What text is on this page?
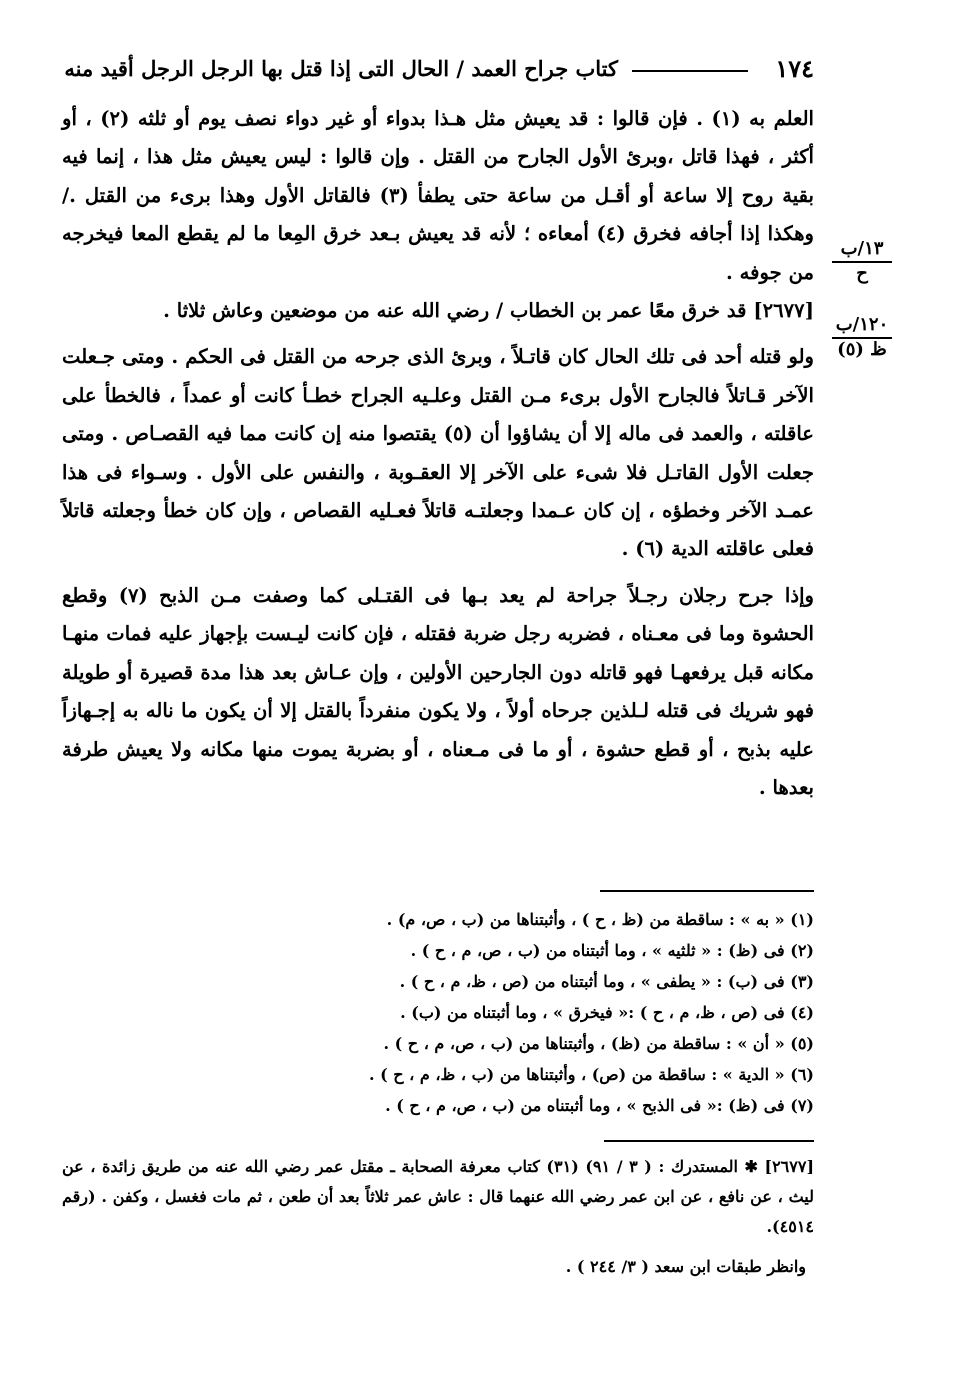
١٧٤
كتاب جراح العمد / الحال التى إذا قتل بها الرجل الرجل أقيد منه
١٣/ب
ح
١٢٠/ب
ظ (٥)

العلم به (١) . فإن قالوا : قد يعيش مثل هـذا بدواء أو غير دواء نصف يوم أو ثلثه (٢) ، أو أكثر ، فهذا قاتل ،وبرئ الأول الجارح من القتل . وإن قالوا : ليس يعيش مثل هذا ، إنما فيه بقية روح إلا ساعة أو أقـل من ساعة حتى يطفأ (٣) فالقاتل الأول وهذا برىء من القتل ./ وهكذا إذا أجافه فخرق (٤) أمعاءه ؛ لأنه قد يعيش بـعد خرق المِعا ما لم يقطع المعا فيخرجه من جوفه .

[٢٦٧٧] قد خرق معًا عمر بن الخطاب / رضي الله عنه من موضعين وعاش ثلاثا .

ولو قتله أحد فى تلك الحال كان قاتـلاً ، وبرئ الذى جرحه من القتل فى الحكم . ومتى جـعلت الآخر قـاتلاً فالجارح الأول برىء مـن القتل وعلـيه الجراح خطـأ كانت أو عمداً ، فالخطأ على عاقلته ، والعمد فى ماله إلا أن يشاؤوا أن (٥) يقتصوا منه إن كانت مما فيه القصـاص . ومتى جعلت الأول القاتـل فلا شىء على الآخر إلا العقـوبة ، والنفس على الأول . وسـواء فى هذا عمـد الآخر وخطؤه ، إن كان عـمدا وجعلتـه قاتلاً فعـليه القصاص ، وإن كان خطأ وجعلته قاتلاً فعلى عاقلته الدية (٦) .

وإذا جرح رجلان رجـلاً جراحة لم يعد بـها فى القتـلى كما وصفت مـن الذبح (٧) وقطع الحشوة وما فى معـناه ، فضربه رجل ضربة فقتله ، فإن كانت ليـست بإجهاز عليه فمات منهـا مكانه قبل يرفعهـا فهو قاتله دون الجارحين الأولين ، وإن عـاش بعد هذا مدة قصيرة أو طويلة فهو شريك فى قتله لـلذين جرحاه أولاً ، ولا يكون منفرداً بالقتل إلا أن يكون ما ناله به إجـهازاً عليه بذبح ، أو قطع حشوة ، أو ما فى مـعناه ، أو بضربة يموت منها مكانه ولا يعيش طرفة بعدها .

(١) « به » : ساقطة من (ظ ، ح ) ، وأثبتناها من (ب ، ص، م) .
(٢) فى (ظ) : « ثلثيه » ، وما أثبتناه من (ب ، ص، م ، ح ) .
(٣) فى (ب) : « يطفى » ، وما أثبتناه من (ص ، ظ، م ، ح ) .
(٤) فى (ص ، ظ، م ، ح ) :« فيخرق » ، وما أثبتناه من (ب) .
(٥) « أن » : ساقطة من (ظ) ، وأثبتناها من (ب ، ص، م ، ح ) .
(٦) « الدية » : ساقطة من (ص) ، وأثبتناها من (ب ، ظ، م ، ح ) .
(٧) فى (ظ) :« فى الذبح » ، وما أثبتناه من (ب ، ص، م ، ح ) .
[٢٦٧٧] ✱ المستدرك : ( ٣ / ٩١) (٣١) كتاب معرفة الصحابة ـ مقتل عمر رضي الله عنه من طريق زائدة ، عن ليث ، عن نافع ، عن ابن عمر رضي الله عنهما قال : عاش عمر ثلاثاً بعد أن طعن ، ثم مات فغسل ، وكفن . (رقم ٤٥١٤).
وانظر طبقات ابن سعد ( ٣/ ٢٤٤ ) .
